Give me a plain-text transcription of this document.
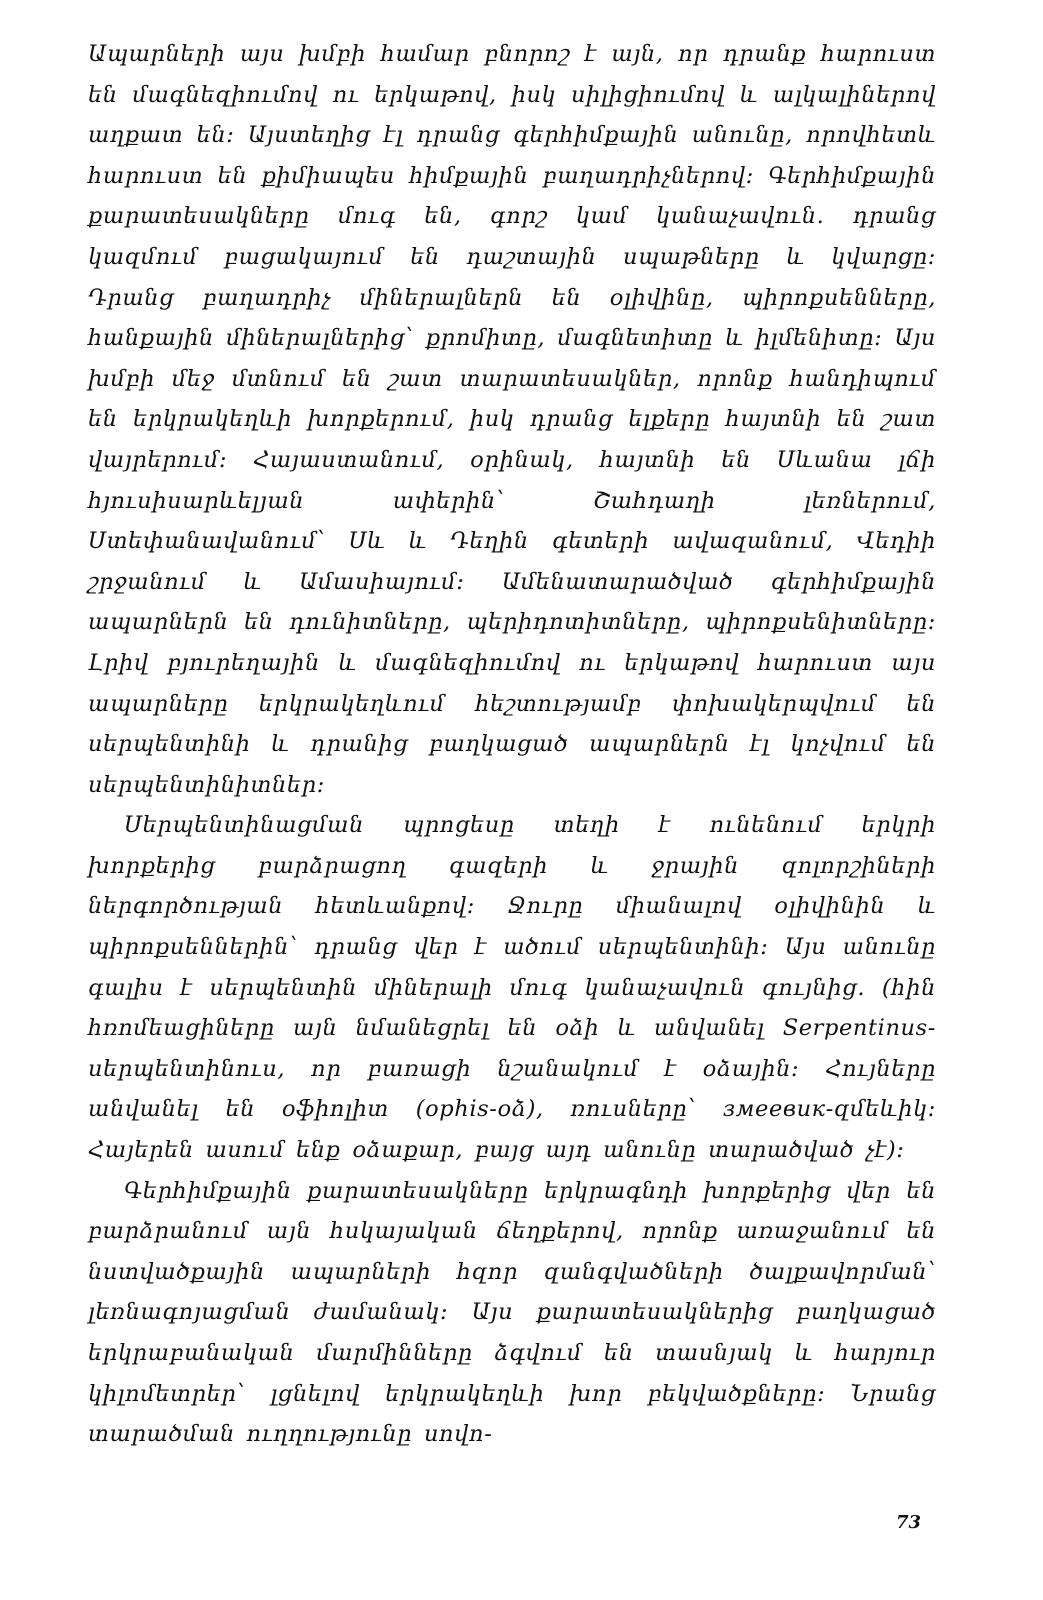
Ապարների այս խմբի համար բնորոշ է այն, որ դրանք հարուստ են մագնեզիումով ու երկաթով, իսկ սիլիցիումով և ալկալիներով աղքատ են։ Այստեղից էլ դրանց գերհիմքային անունը, որովհետև հարուստ են քիմիապես հիմքային բաղադրիչներով։ Գերհիմքային քարատեսակները մուգ են, գորշ կամ կանաչավուն. դրանց կազմում բացակայում են դաշտային սպաթները և կվարցը։ Դրանց բաղադրիչ միներալներն են օլիվինը, պիրոքսենները, հանքային միներալներից՝ քրոմիտը, մագնետիտը և իլմենիտը։ Այս խմբի մեջ մտնում են շատ տարատեսակներ, որոնք հանդիպում են երկրակեղևի խորքերում, իսկ դրանց ելքերը հայտնի են շատ վայրերում։ Հայաստանում, օրինակ, հայտնի են Սևանա լճի հյուսիսարևելյան ափերին՝ Շահդաղի լեռներում, Ստեփանավանում՝ Սև և Դեղին գետերի ավազանում, Վեդիի շրջանում և Ամասիայում։ Ամենատարածված գերհիմքային ապարներն են դունիտները, պերիդոտիտները, պիրոքսենիտները։ Լրիվ բյուրեղային և մագնեզիումով ու երկաթով հարուստ այս ապարները երկրակեղևում հեշտությամբ փոխակերպվում են սերպենտինի և դրանից բաղկացած ապարներն էլ կոչվում են սերպենտինիտներ։

Սերպենտինացման պրոցեսը տեղի է ունենում երկրի խորքերից բարձրացող գազերի և ջրային զոլորշիների ներգործության հետևանքով։ Ջուրը միանալով օլիվինին և պիրոքսեններին՝ դրանց վեր է ածում սերպենտինի։ Այս անունը գալիս է սերպենտին միներալի մուգ կանաչավուն գույնից. (հին հռոմեացիները այն նմանեցրել են օձի և անվանել Serpentinus-սերպենտինուս, որ բառացի նշանակում է օձային։ Հույները անվանել են օֆիոլիտ (ophis-օձ), ռուսները՝ змеевик-զմեևիկ։ Հայերեն ասում ենք օձաքար, բայց այդ անունը տարածված չէ)։

Գերհիմքային քարատեսակները երկրագնդի խորքերից վեր են բարձրանում այն հսկայական ճեղքերով, որոնք առաջանում են նստվածքային ապարների հզոր զանգվածների ծալքավորման՝ լեռնագոյացման ժամանակ։ Այս քարատեսակներից բաղկացած երկրաբանական մարմինները ձգվում են տասնյակ և հարյուր կիլոմետրեր՝ լցնելով երկրակեղևի խոր բեկվածքները։ Նրանց տարածման ուղղությունը սովո-

73
